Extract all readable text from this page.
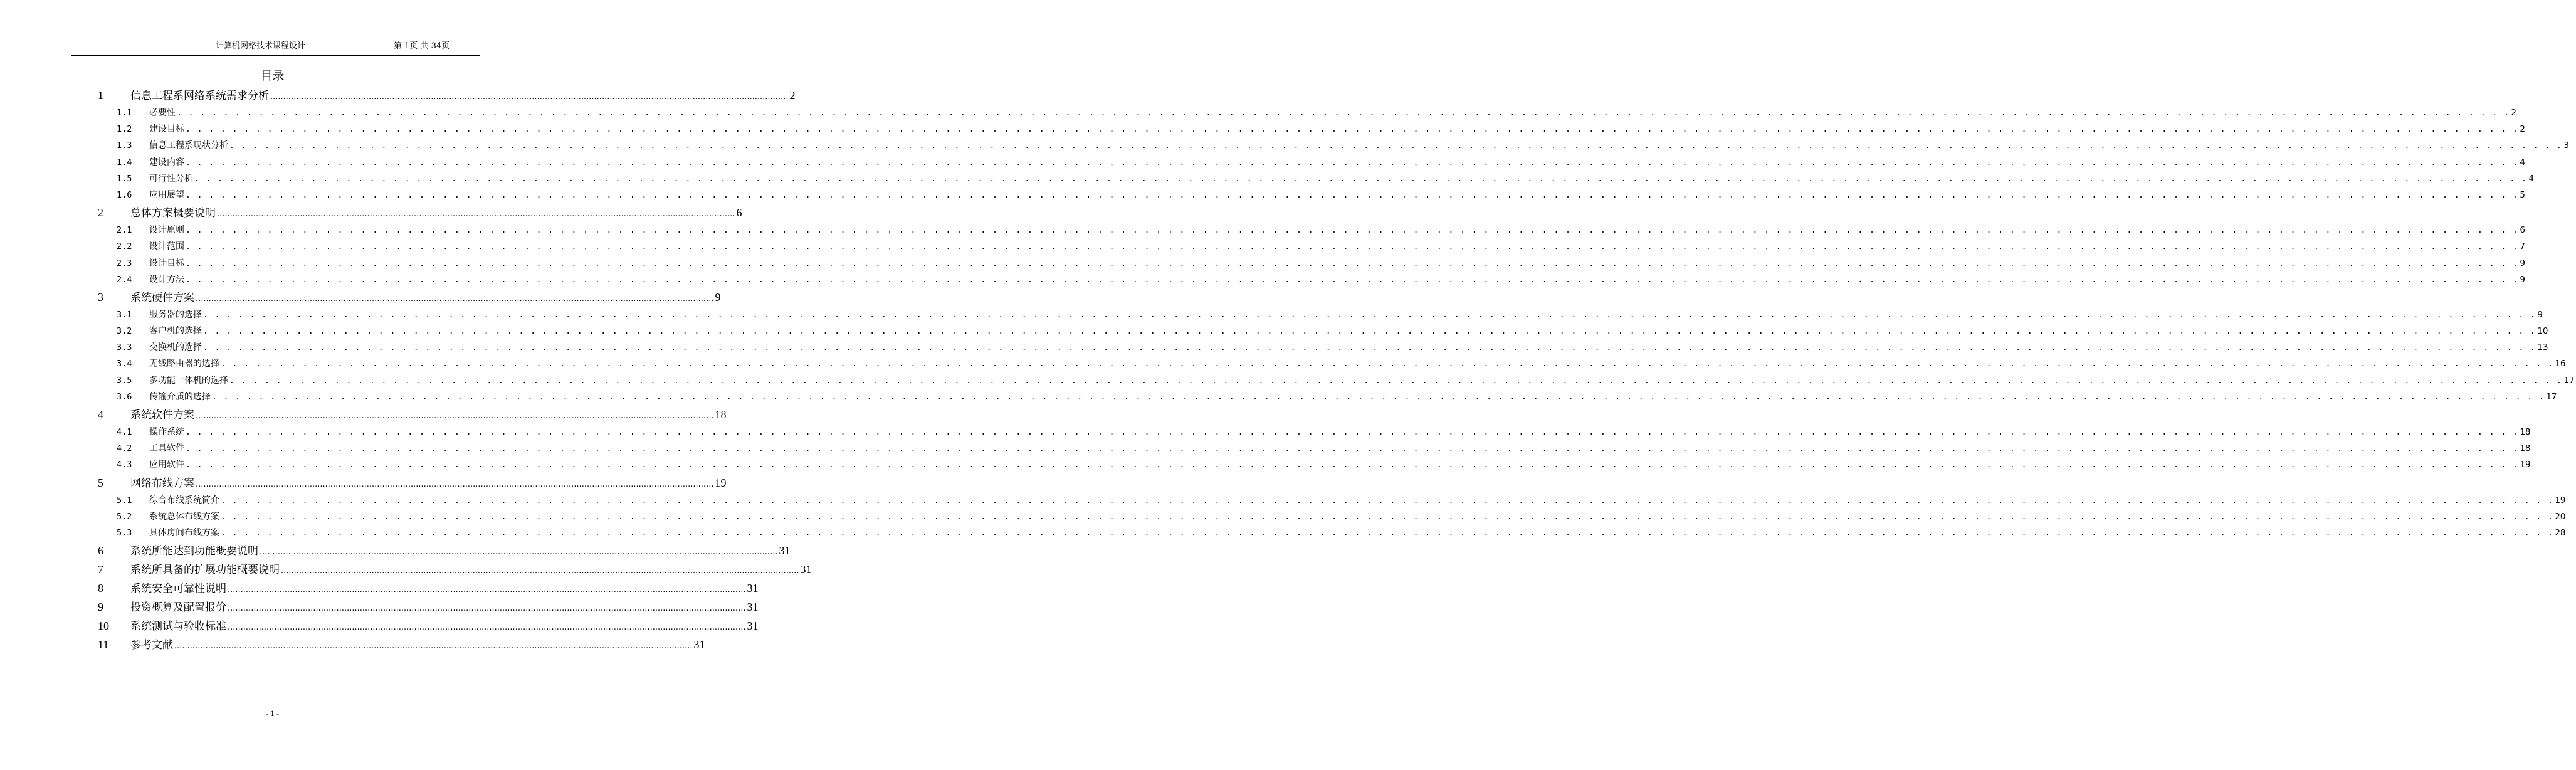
计算机网络技术课程设计	第 1页 共 34页
目录
1	信息工程系网络系统需求分析 ........................................................................................................................................................................................................ 2
1.1	必要性 . . . . . . . . . . . . . . . . . . . . . . . . . . . . . . . . . . . . . . . . . . . . . . . . . . . . . . . . . . . . . . . . . . . . . . . . . . . . . . . . . . . . . . . . . . . . . . . . . . . . . . . . . . . . . . . . . . . . . . . . . . . . . . . . . . . . . . . . . . . . . . . . . . . . . . . . . . . . . . . . . . . . . . . . . . . . . . . . . . . . . . . . . . . . . . . . . . . . . . . . 2
1.2	建设目标 . . . . . . . . . . . . . . . . . . . . . . . . . . . . . . . . . . . . . . . . . . . . . . . . . . . . . . . . . . . . . . . . . . . . . . . . . . . . . . . . . . . . . . . . . . . . . . . . . . . . . . . . . . . . . . . . . . . . . . . . . . . . . . . . . . . . . . . . . . . . . . . . . . . . . . . . . . . . . . . . . . . . . . . . . . . . . . . . . . . . . . . . . . . . . . . . . . . . . . . . 2
1.3	信息工程系现状分析 . . . . . . . . . . . . . . . . . . . . . . . . . . . . . . . . . . . . . . . . . . . . . . . . . . . . . . . . . . . . . . . . . . . . . . . . . . . . . . . . . . . . . . . . . . . . . . . . . . . . . . . . . . . . . . . . . . . . . . . . . . . . . . . . . . . . . . . . . . . . . . . . . . . . . . . . . . . . . . . . . . . . . . . . . . . . . . . . . . . . . . . . . . . . . . . . . . . . . . . . 3
1.4	建设内容 . . . . . . . . . . . . . . . . . . . . . . . . . . . . . . . . . . . . . . . . . . . . . . . . . . . . . . . . . . . . . . . . . . . . . . . . . . . . . . . . . . . . . . . . . . . . . . . . . . . . . . . . . . . . . . . . . . . . . . . . . . . . . . . . . . . . . . . . . . . . . . . . . . . . . . . . . . . . . . . . . . . . . . . . . . . . . . . . . . . . . . . . . . . . . . . . . . . . . . . . 4
1.5	可行性分析 . . . . . . . . . . . . . . . . . . . . . . . . . . . . . . . . . . . . . . . . . . . . . . . . . . . . . . . . . . . . . . . . . . . . . . . . . . . . . . . . . . . . . . . . . . . . . . . . . . . . . . . . . . . . . . . . . . . . . . . . . . . . . . . . . . . . . . . . . . . . . . . . . . . . . . . . . . . . . . . . . . . . . . . . . . . . . . . . . . . . . . . . . . . . . . . . . . . . . . . . 4
1.6	应用展望 . . . . . . . . . . . . . . . . . . . . . . . . . . . . . . . . . . . . . . . . . . . . . . . . . . . . . . . . . . . . . . . . . . . . . . . . . . . . . . . . . . . . . . . . . . . . . . . . . . . . . . . . . . . . . . . . . . . . . . . . . . . . . . . . . . . . . . . . . . . . . . . . . . . . . . . . . . . . . . . . . . . . . . . . . . . . . . . . . . . . . . . . . . . . . . . . . . . . . . . . 5
2	总体方案概要说明 ........................................................................................................................................................................................................ 6
2.1	设计原则 . . . . . . . . . . . . . . . . . . . . . . . . . . . . . . . . . . . . . . . . . . . . . . . . . . . . . . . . . . . . . . . . . . . . . . . . . . . . . . . . . . . . . . . . . . . . . . . . . . . . . . . . . . . . . . . . . . . . . . . . . . . . . . . . . . . . . . . . . . . . . . . . . . . . . . . . . . . . . . . . . . . . . . . . . . . . . . . . . . . . . . . . . . . . . . . . . . . . . . . . 6
2.2	设计范围 . . . . . . . . . . . . . . . . . . . . . . . . . . . . . . . . . . . . . . . . . . . . . . . . . . . . . . . . . . . . . . . . . . . . . . . . . . . . . . . . . . . . . . . . . . . . . . . . . . . . . . . . . . . . . . . . . . . . . . . . . . . . . . . . . . . . . . . . . . . . . . . . . . . . . . . . . . . . . . . . . . . . . . . . . . . . . . . . . . . . . . . . . . . . . . . . . . . . . . . . 7
2.3	设计目标 . . . . . . . . . . . . . . . . . . . . . . . . . . . . . . . . . . . . . . . . . . . . . . . . . . . . . . . . . . . . . . . . . . . . . . . . . . . . . . . . . . . . . . . . . . . . . . . . . . . . . . . . . . . . . . . . . . . . . . . . . . . . . . . . . . . . . . . . . . . . . . . . . . . . . . . . . . . . . . . . . . . . . . . . . . . . . . . . . . . . . . . . . . . . . . . . . . . . . . . . 9
2.4	设计方法 . . . . . . . . . . . . . . . . . . . . . . . . . . . . . . . . . . . . . . . . . . . . . . . . . . . . . . . . . . . . . . . . . . . . . . . . . . . . . . . . . . . . . . . . . . . . . . . . . . . . . . . . . . . . . . . . . . . . . . . . . . . . . . . . . . . . . . . . . . . . . . . . . . . . . . . . . . . . . . . . . . . . . . . . . . . . . . . . . . . . . . . . . . . . . . . . . . . . . . . . 9
3	系统硬件方案 ........................................................................................................................................................................................................ 9
3.1	服务器的选择 . . . . . . . . . . . . . . . . . . . . . . . . . . . . . . . . . . . . . . . . . . . . . . . . . . . . . . . . . . . . . . . . . . . . . . . . . . . . . . . . . . . . . . . . . . . . . . . . . . . . . . . . . . . . . . . . . . . . . . . . . . . . . . . . . . . . . . . . . . . . . . . . . . . . . . . . . . . . . . . . . . . . . . . . . . . . . . . . . . . . . . . . . . . . . . . . . . . . . . . . 9
3.2	客户机的选择 . . . . . . . . . . . . . . . . . . . . . . . . . . . . . . . . . . . . . . . . . . . . . . . . . . . . . . . . . . . . . . . . . . . . . . . . . . . . . . . . . . . . . . . . . . . . . . . . . . . . . . . . . . . . . . . . . . . . . . . . . . . . . . . . . . . . . . . . . . . . . . . . . . . . . . . . . . . . . . . . . . . . . . . . . . . . . . . . . . . . . . . . . . . . . . . . . . . . . . . . 10
3.3	交换机的选择 . . . . . . . . . . . . . . . . . . . . . . . . . . . . . . . . . . . . . . . . . . . . . . . . . . . . . . . . . . . . . . . . . . . . . . . . . . . . . . . . . . . . . . . . . . . . . . . . . . . . . . . . . . . . . . . . . . . . . . . . . . . . . . . . . . . . . . . . . . . . . . . . . . . . . . . . . . . . . . . . . . . . . . . . . . . . . . . . . . . . . . . . . . . . . . . . . . . . . . . . 13
3.4	无线路由器的选择 . . . . . . . . . . . . . . . . . . . . . . . . . . . . . . . . . . . . . . . . . . . . . . . . . . . . . . . . . . . . . . . . . . . . . . . . . . . . . . . . . . . . . . . . . . . . . . . . . . . . . . . . . . . . . . . . . . . . . . . . . . . . . . . . . . . . . . . . . . . . . . . . . . . . . . . . . . . . . . . . . . . . . . . . . . . . . . . . . . . . . . . . . . . . . . . . . . . . . . . . 16
3.5	多功能一体机的选择 . . . . . . . . . . . . . . . . . . . . . . . . . . . . . . . . . . . . . . . . . . . . . . . . . . . . . . . . . . . . . . . . . . . . . . . . . . . . . . . . . . . . . . . . . . . . . . . . . . . . . . . . . . . . . . . . . . . . . . . . . . . . . . . . . . . . . . . . . . . . . . . . . . . . . . . . . . . . . . . . . . . . . . . . . . . . . . . . . . . . . . . . . . . . . . . . . . . . . . . . 17
3.6	传输介质的选择 . . . . . . . . . . . . . . . . . . . . . . . . . . . . . . . . . . . . . . . . . . . . . . . . . . . . . . . . . . . . . . . . . . . . . . . . . . . . . . . . . . . . . . . . . . . . . . . . . . . . . . . . . . . . . . . . . . . . . . . . . . . . . . . . . . . . . . . . . . . . . . . . . . . . . . . . . . . . . . . . . . . . . . . . . . . . . . . . . . . . . . . . . . . . . . . . . . . . . . . . 17
4	系统软件方案 ........................................................................................................................................................................................................ 18
4.1	操作系统 . . . . . . . . . . . . . . . . . . . . . . . . . . . . . . . . . . . . . . . . . . . . . . . . . . . . . . . . . . . . . . . . . . . . . . . . . . . . . . . . . . . . . . . . . . . . . . . . . . . . . . . . . . . . . . . . . . . . . . . . . . . . . . . . . . . . . . . . . . . . . . . . . . . . . . . . . . . . . . . . . . . . . . . . . . . . . . . . . . . . . . . . . . . . . . . . . . . . . . . . 18
4.2	工具软件 . . . . . . . . . . . . . . . . . . . . . . . . . . . . . . . . . . . . . . . . . . . . . . . . . . . . . . . . . . . . . . . . . . . . . . . . . . . . . . . . . . . . . . . . . . . . . . . . . . . . . . . . . . . . . . . . . . . . . . . . . . . . . . . . . . . . . . . . . . . . . . . . . . . . . . . . . . . . . . . . . . . . . . . . . . . . . . . . . . . . . . . . . . . . . . . . . . . . . . . . 18
4.3	应用软件 . . . . . . . . . . . . . . . . . . . . . . . . . . . . . . . . . . . . . . . . . . . . . . . . . . . . . . . . . . . . . . . . . . . . . . . . . . . . . . . . . . . . . . . . . . . . . . . . . . . . . . . . . . . . . . . . . . . . . . . . . . . . . . . . . . . . . . . . . . . . . . . . . . . . . . . . . . . . . . . . . . . . . . . . . . . . . . . . . . . . . . . . . . . . . . . . . . . . . . . . 19
5	网络布线方案 ........................................................................................................................................................................................................ 19
5.1	综合布线系统简介 . . . . . . . . . . . . . . . . . . . . . . . . . . . . . . . . . . . . . . . . . . . . . . . . . . . . . . . . . . . . . . . . . . . . . . . . . . . . . . . . . . . . . . . . . . . . . . . . . . . . . . . . . . . . . . . . . . . . . . . . . . . . . . . . . . . . . . . . . . . . . . . . . . . . . . . . . . . . . . . . . . . . . . . . . . . . . . . . . . . . . . . . . . . . . . . . . . . . . . . . 19
5.2	系统总体布线方案 . . . . . . . . . . . . . . . . . . . . . . . . . . . . . . . . . . . . . . . . . . . . . . . . . . . . . . . . . . . . . . . . . . . . . . . . . . . . . . . . . . . . . . . . . . . . . . . . . . . . . . . . . . . . . . . . . . . . . . . . . . . . . . . . . . . . . . . . . . . . . . . . . . . . . . . . . . . . . . . . . . . . . . . . . . . . . . . . . . . . . . . . . . . . . . . . . . . . . . . . 20
5.3	具体房间布线方案 . . . . . . . . . . . . . . . . . . . . . . . . . . . . . . . . . . . . . . . . . . . . . . . . . . . . . . . . . . . . . . . . . . . . . . . . . . . . . . . . . . . . . . . . . . . . . . . . . . . . . . . . . . . . . . . . . . . . . . . . . . . . . . . . . . . . . . . . . . . . . . . . . . . . . . . . . . . . . . . . . . . . . . . . . . . . . . . . . . . . . . . . . . . . . . . . . . . . . . . . 28
6	系统所能达到功能概要说明 ........................................................................................................................................................................................................ 31
7	系统所具备的扩展功能概要说明 ........................................................................................................................................................................................................ 31
8	系统安全可靠性说明 ........................................................................................................................................................................................................ 31
9	投资概算及配置报价 ........................................................................................................................................................................................................ 31
10	系统测试与验收标准 ........................................................................................................................................................................................................ 31
11	参考文献 ........................................................................................................................................................................................................ 31
- 1 -
